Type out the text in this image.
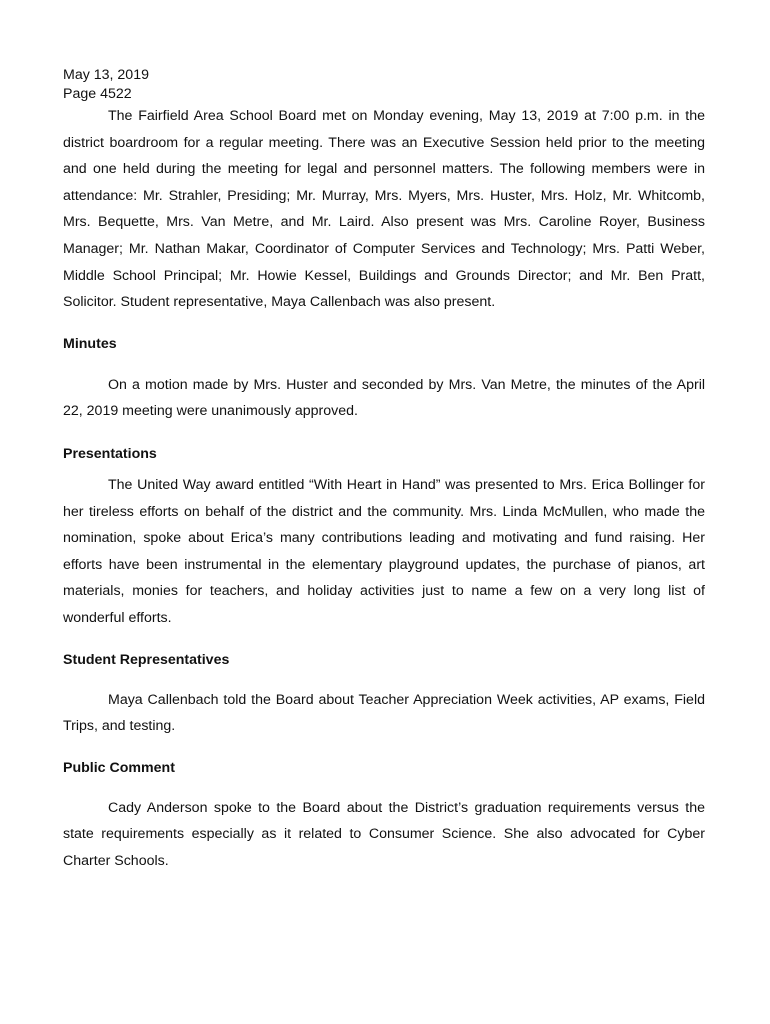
May 13, 2019
Page 4522

The Fairfield Area School Board met on Monday evening, May 13, 2019 at 7:00 p.m. in the district boardroom for a regular meeting. There was an Executive Session held prior to the meeting and one held during the meeting for legal and personnel matters. The following members were in attendance: Mr. Strahler, Presiding; Mr. Murray, Mrs. Myers, Mrs. Huster, Mrs. Holz, Mr. Whitcomb, Mrs. Bequette, Mrs. Van Metre, and Mr. Laird. Also present was Mrs. Caroline Royer, Business Manager; Mr. Nathan Makar, Coordinator of Computer Services and Technology; Mrs. Patti Weber, Middle School Principal; Mr. Howie Kessel, Buildings and Grounds Director; and Mr. Ben Pratt, Solicitor. Student representative, Maya Callenbach was also present.

Minutes

On a motion made by Mrs. Huster and seconded by Mrs. Van Metre, the minutes of the April 22, 2019 meeting were unanimously approved.

Presentations

The United Way award entitled “With Heart in Hand” was presented to Mrs. Erica Bollinger for her tireless efforts on behalf of the district and the community. Mrs. Linda McMullen, who made the nomination, spoke about Erica’s many contributions leading and motivating and fund raising. Her efforts have been instrumental in the elementary playground updates, the purchase of pianos, art materials, monies for teachers, and holiday activities just to name a few on a very long list of wonderful efforts.

Student Representatives

Maya Callenbach told the Board about Teacher Appreciation Week activities, AP exams, Field Trips, and testing.

Public Comment

Cady Anderson spoke to the Board about the District’s graduation requirements versus the state requirements especially as it related to Consumer Science. She also advocated for Cyber Charter Schools.
